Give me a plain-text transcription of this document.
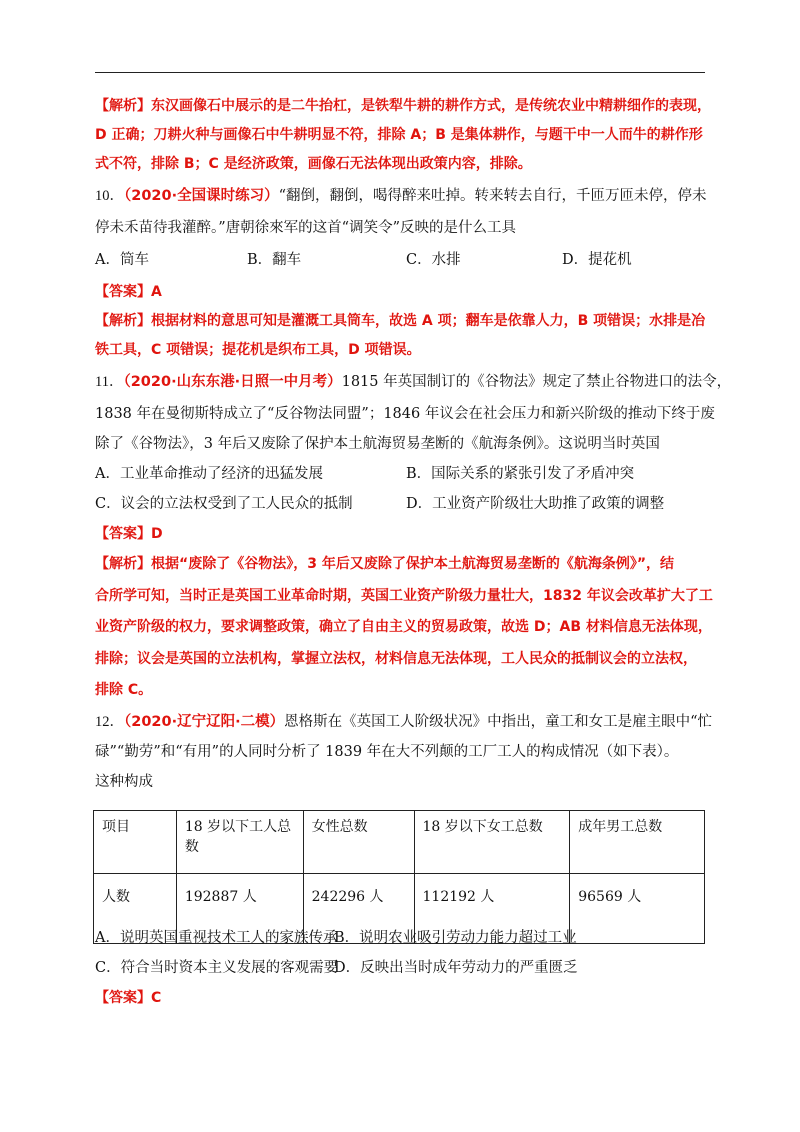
【解析】东汉画像石中展示的是二牛抬杠，是铁犁牛耕的耕作方式，是传统农业中精耕细作的表现，
D 正确；刀耕火种与画像石中牛耕明显不符，排除 A；B 是集体耕作，与题干中一人而牛的耕作形
式不符，排除 B；C 是经济政策，画像石无法体现出政策内容，排除。
10．（2020·全国课时练习）“翻倒，翻倒，喝得醉来吐掉。转来转去自行，千匝万匝未停，停未
停未禾苗待我灌醉。”唐朝徐來军的这首“调笑令”反映的是什么工具
A．筒车	B．翻车	C．水排	D．提花机
【答案】A
【解析】根据材料的意思可知是灌溉工具筒车，故选 A 项；翻车是依靠人力，B 项错误；水排是冶
铁工具，C 项错误；提花机是织布工具，D 项错误。
11．（2020·山东东港·日照一中月考）1815 年英国制订的《谷物法》规定了禁止谷物进口的法令，
1838 年在曼彻斯特成立了“反谷物法同盟”；1846 年议会在社会压力和新兴阶级的推动下终于废
除了《谷物法》，3 年后又废除了保护本土航海贸易垄断的《航海条例》。这说明当时英国
A．工业革命推动了经济的迅猛发展	B．国际关系的紧张引发了矛盾冲突
C．议会的立法权受到了工人民众的抵制	D．工业资产阶级壮大助推了政策的调整
【答案】D
【解析】根据“废除了《谷物法》，3 年后又废除了保护本土航海贸易垄断的《航海条例》”，结
合所学可知，当时正是英国工业革命时期，英国工业资产阶级力量壮大，1832 年议会改革扩大了工
业资产阶级的权力，要求调整政策，确立了自由主义的贸易政策，故选 D；AB 材料信息无法体现，
排除；议会是英国的立法机构，掌握立法权，材料信息无法体现，工人民众的抵制议会的立法权，
排除 C。
12．（2020·辽宁辽阳·二模）恩格斯在《英国工人阶级状况》中指出，童工和女工是雇主眼中“忙
碌”“勤劳”和“有用”的人同时分析了 1839 年在大不列颠的工厂工人的构成情况（如下表）。
这种构成
项目	18 岁以下工人总数	女性总数	18 岁以下女工总数	成年男工总数
人数	192887 人	242296 人	112192 人	96569 人
A．说明英国重视技术工人的家族传承
B．说明农业吸引劳动力能力超过工业
C．符合当时资本主义发展的客观需要
D．反映出当时成年劳动力的严重匮乏
【答案】C
